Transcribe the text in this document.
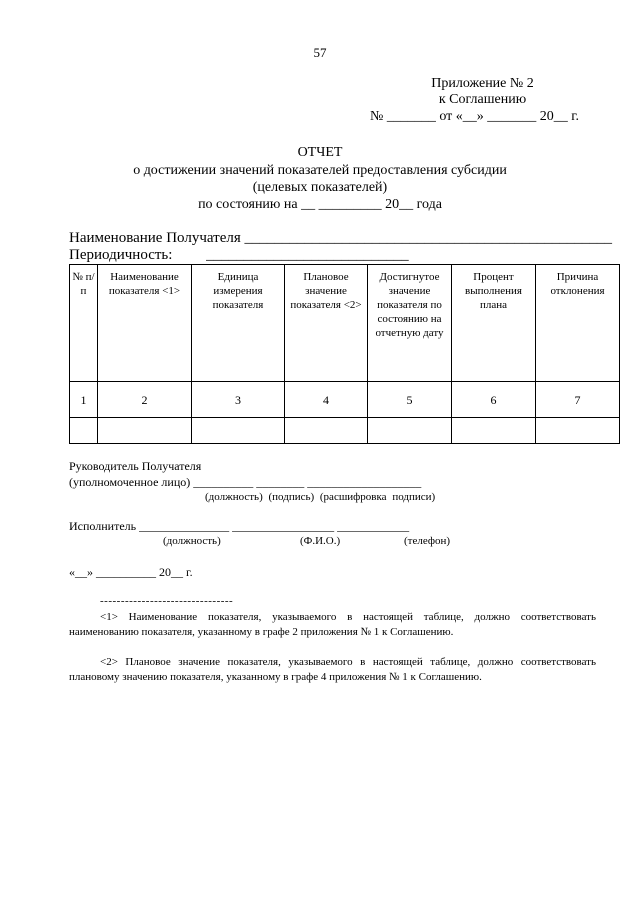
57
Приложение № 2
к Соглашению
№ _______ от «__» _______ 20__ г.
ОТЧЕТ
о достижении значений показателей предоставления субсидии
(целевых показателей)
по состоянию на __ _________ 20__ года
Наименование Получателя _________________________________________________
Периодичность: ___________________________
№ п/п	Наименование показателя <1>	Единица измерения показателя	Плановое значение показателя <2>	Достигнутое значение показателя по состоянию на отчетную дату	Процент выполнения плана	Причина отклонения
1	2	3	4	5	6	7

Руководитель Получателя
(уполномоченное лицо) __________ ________ ___________________
(должность) (подпись) (расшифровка подписи)
Исполнитель _______________ _________________ ____________
(должность)	(Ф.И.О.)	(телефон)
«__» __________ 20__ г.
--------------------------------
<1> Наименование показателя, указываемого в настоящей таблице, должно соответствовать наименованию показателя, указанному в графе 2 приложения № 1 к Соглашению.
<2> Плановое значение показателя, указываемого в настоящей таблице, должно соответствовать плановому значению показателя, указанному в графе 4 приложения № 1 к Соглашению.
